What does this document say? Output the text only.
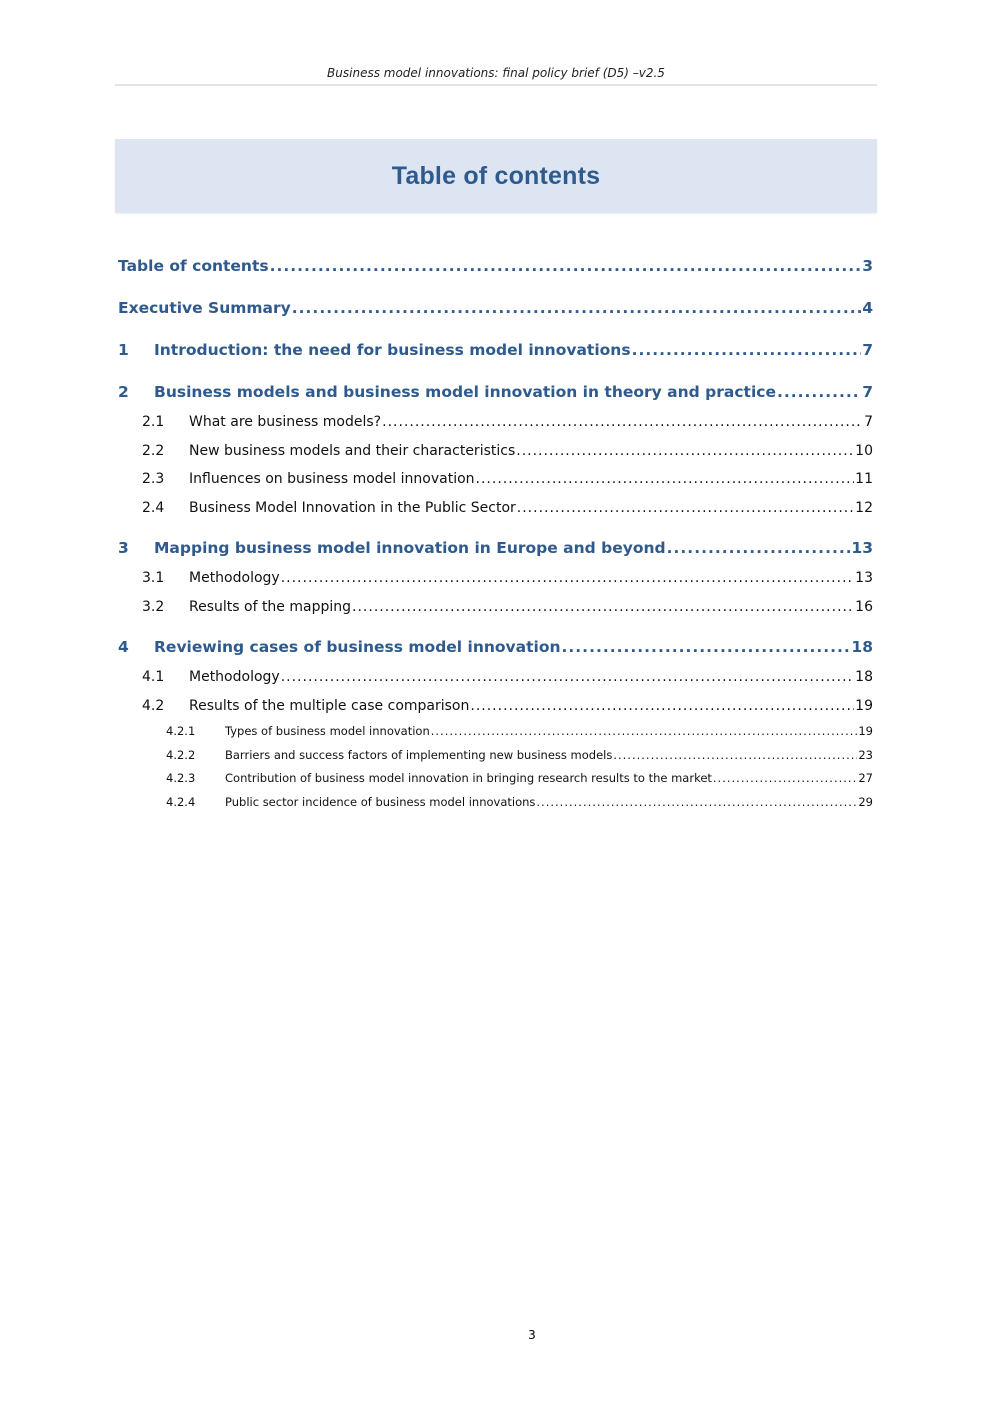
Business model innovations: final policy brief (D5) –v2.5
Table of contents
Table of contents .....	3
Executive Summary .....	4
1	Introduction: the need for business model innovations .....	7
2	Business models and business model innovation in theory and practice .....	7
2.1	What are business models? .....	7
2.2	New business models and their characteristics .....	10
2.3	Influences on business model innovation .....	11
2.4	Business Model Innovation in the Public Sector .....	12
3	Mapping business model innovation in Europe and beyond .....	13
3.1	Methodology .....	13
3.2	Results of the mapping .....	16
4	Reviewing cases of business model innovation .....	18
4.1	Methodology .....	18
4.2	Results of the multiple case comparison .....	19
4.2.1	Types of business model innovation .....	19
4.2.2	Barriers and success factors of implementing new business models .....	23
4.2.3	Contribution of business model innovation in bringing research results to the market .....	27
4.2.4	Public sector incidence of business model innovations .....	29
3
